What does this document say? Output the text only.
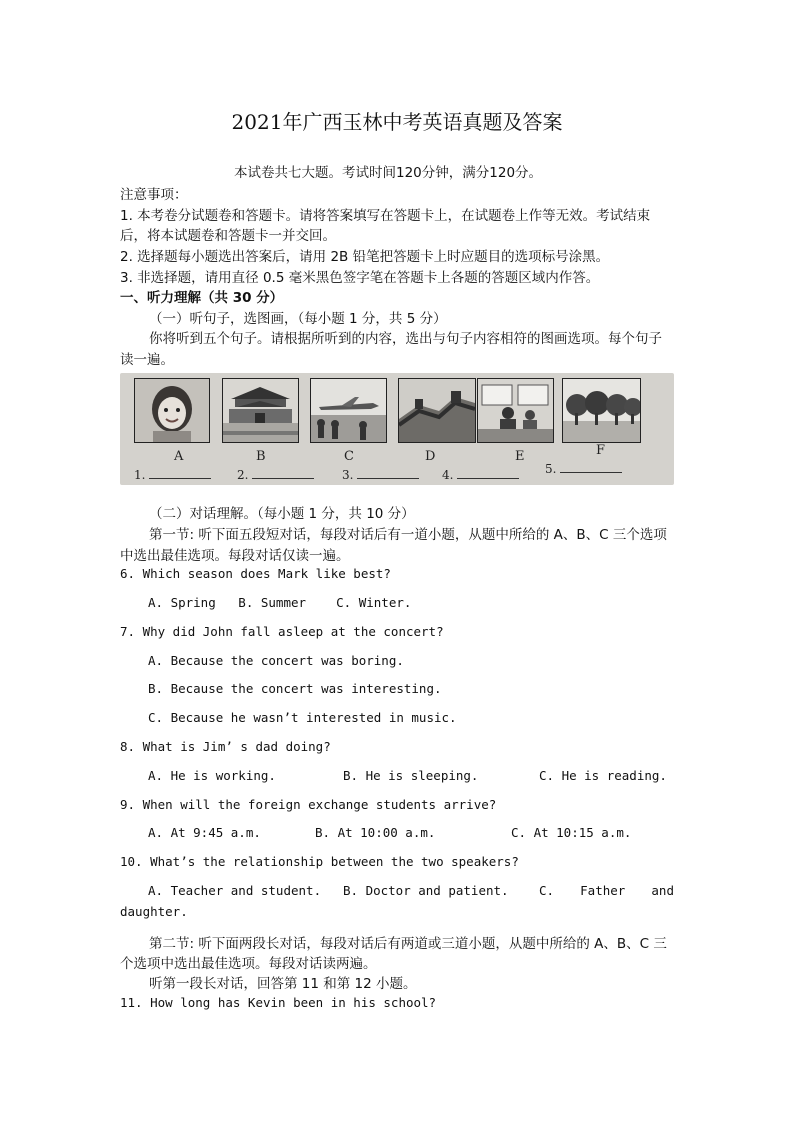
2021年广西玉林中考英语真题及答案

本试卷共七大题。考试时间120分钟，满分120分。

注意事项：

1. 本考卷分试题卷和答题卡。请将答案填写在答题卡上，在试题卷上作等无效。考试结束

后，将本试题卷和答题卡一并交回。

2. 选择题每小题选出答案后，请用 2B 铅笔把答题卡上时应题目的选项标号涂黑。

3. 非选择题，请用直径 0.5 毫米黑色签字笔在答题卡上各题的答题区域内作答。

一、听力理解（共 30 分）

（一）听句子，选图画，（每小题 1 分，共 5 分）

你将听到五个句子。请根据所听到的内容，选出与句子内容相符的图画选项。每个句子

读一遍。

A	B	C	D	E	F
1.	2.	3.	4.	5.

（二）对话理解。（每小题 1 分，共 10 分）

第一节: 听下面五段短对话，每段对话后有一道小题，从题中所给的 A、B、C 三个选项

中选出最佳选项。每段对话仅读一遍。

6. Which season does Mark like best?

A. Spring   B. Summer    C. Winter.

7. Why did John fall asleep at the concert?

A. Because the concert was boring.

B. Because the concert was interesting.

C. Because he wasn’t interested in music.

8. What is Jim’ s dad doing?

A. He is working.	B. He is sleeping.	C. He is reading.

9. When will the foreign exchange students arrive?

A. At 9:45 a.m.	B. At 10:00 a.m.	C. At 10:15 a.m.

10. What’s the relationship between the two speakers?

A. Teacher and student. B. Doctor and patient. C. Father and

daughter.

第二节: 听下面两段长对话，每段对话后有两道或三道小题，从题中所给的 A、B、C 三

个选项中选出最佳选项。每段对话读两遍。

听第一段长对话，回答第 11 和第 12 小题。

11. How long has Kevin been in his school?
